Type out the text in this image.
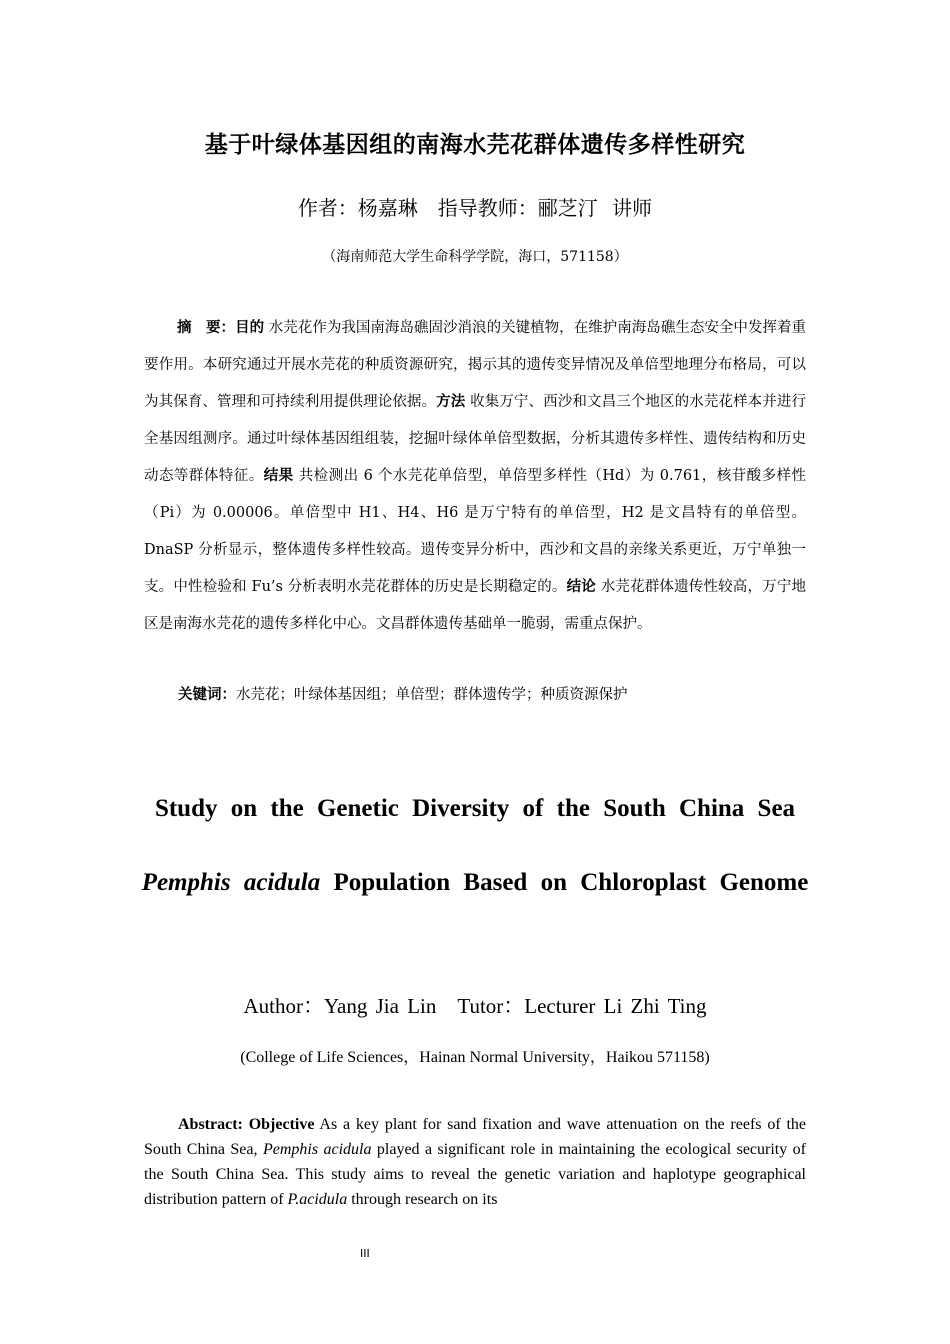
基于叶绿体基因组的南海水芫花群体遗传多样性研究
作者：杨嘉琳　指导教师：郦芝汀 讲师
（海南师范大学生命科学学院，海口，571158）

摘　要：目的 水芫花作为我国南海岛礁固沙消浪的关键植物，在维护南海岛礁生态安全中发挥着重要作用。本研究通过开展水芫花的种质资源研究，揭示其的遗传变异情况及单倍型地理分布格局，可以为其保育、管理和可持续利用提供理论依据。方法 收集万宁、西沙和文昌三个地区的水芫花样本并进行全基因组测序。通过叶绿体基因组组装，挖掘叶绿体单倍型数据，分析其遗传多样性、遗传结构和历史动态等群体特征。结果 共检测出 6 个水芫花单倍型，单倍型多样性（Hd）为 0.761，核苷酸多样性（Pi）为 0.00006。单倍型中 H1、H4、H6 是万宁特有的单倍型，H2 是文昌特有的单倍型。DnaSP 分析显示，整体遗传多样性较高。遗传变异分析中，西沙和文昌的亲缘关系更近，万宁单独一支。中性检验和 Fu’s 分析表明水芫花群体的历史是长期稳定的。结论 水芫花群体遗传性较高，万宁地区是南海水芫花的遗传多样化中心。文昌群体遗传基础单一脆弱，需重点保护。

关键词：水芫花；叶绿体基因组；单倍型；群体遗传学；种质资源保护
Study on the Genetic Diversity of the South China Sea Pemphis acidula Population Based on Chloroplast Genome
Author：Yang Jia Lin　Tutor：Lecturer Li Zhi Ting
(College of Life Sciences，Hainan Normal University，Haikou 571158)

Abstract: Objective As a key plant for sand fixation and wave attenuation on the reefs of the South China Sea, Pemphis acidula played a significant role in maintaining the ecological security of the South China Sea. This study aims to reveal the genetic variation and haplotype geographical distribution pattern of P.acidula through research on its

III
